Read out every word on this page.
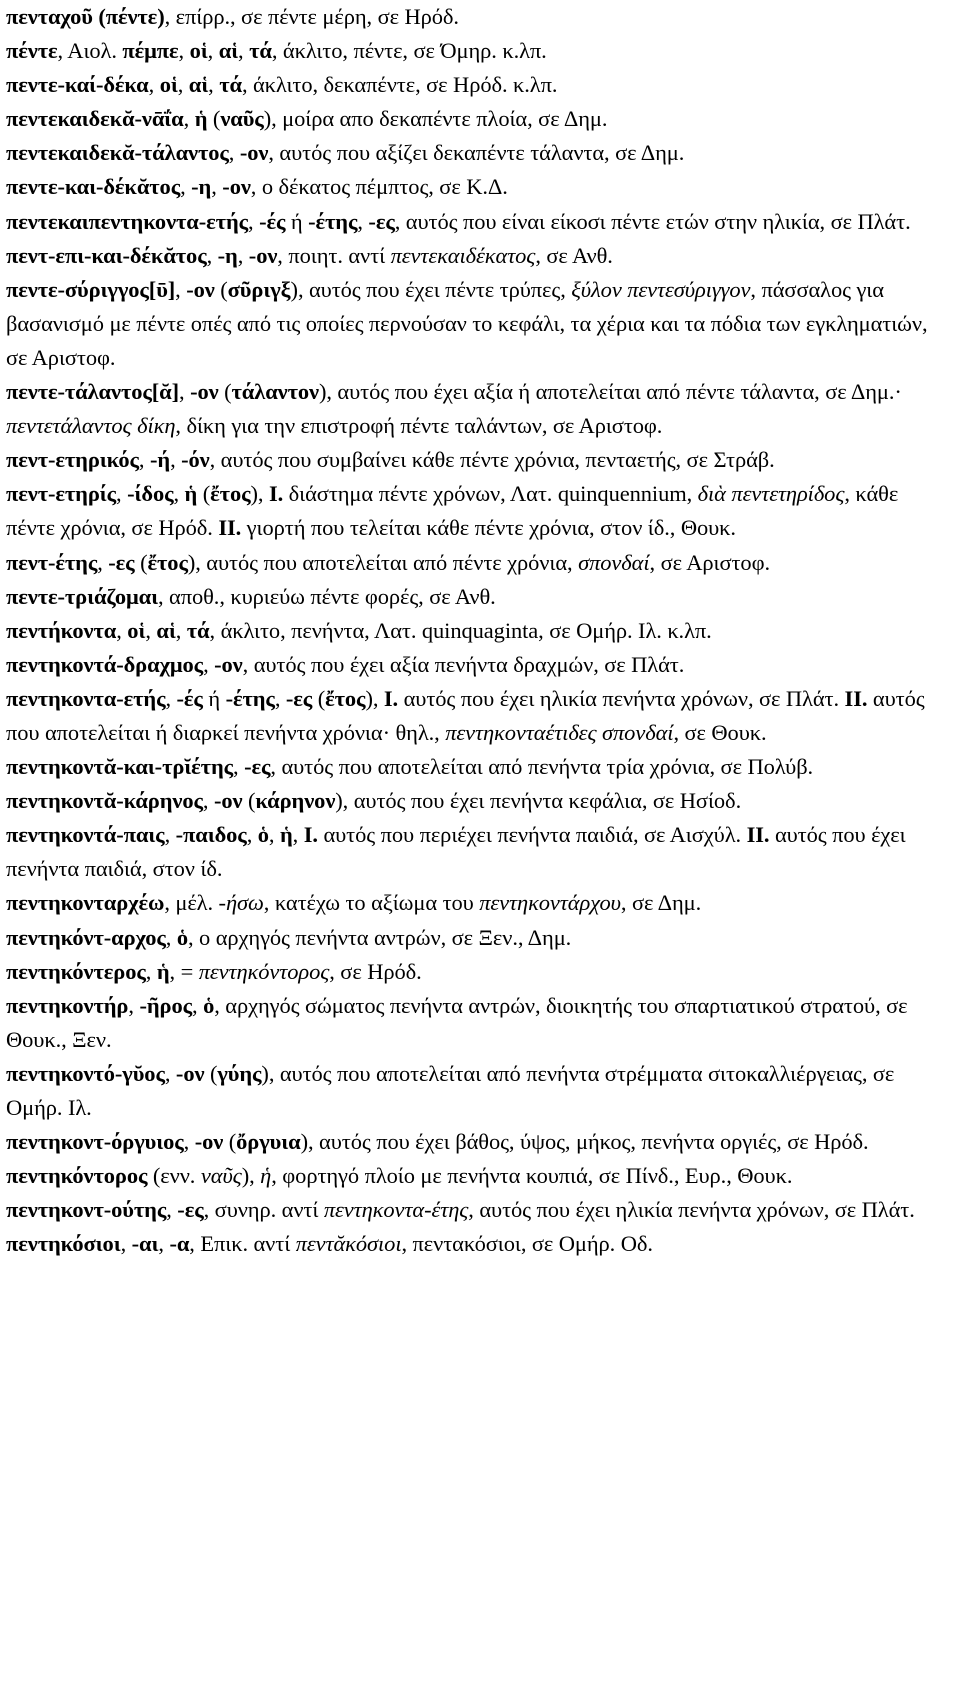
πενταχοῦ (πέντε), επίρρ., σε πέντε μέρη, σε Ηρόδ.

πέντε, Αιολ. πέμπε, οἱ, αἱ, τά, άκλιτο, πέντε, σε Όμηρ. κ.λπ.

πεντε-καί-δέκα, οἱ, αἱ, τά, άκλιτο, δεκαπέντε, σε Ηρόδ. κ.λπ.

πεντεκαιδεκᾰ-νᾱΐα, ἡ (ναῦς), μοίρα απο δεκαπέντε πλοία, σε Δημ.

πεντεκαιδεκᾰ-τάλαντος, -ον, αυτός που αξίζει δεκαπέντε τάλαντα, σε Δημ.

πεντε-και-δέκᾰτος, -η, -ον, ο δέκατος πέμπτος, σε Κ.Δ.

πεντεκαιπεντηκοντα-ετής, -ές ή -έτης, -ες, αυτός που είναι είκοσι πέντε ετών στην ηλικία, σε Πλάτ.

πεντ-επι-και-δέκᾰτος, -η, -ον, ποιητ. αντί πεντεκαιδέκατος, σε Ανθ.

πεντε-σύριγγος[ῡ], -ον (σῦριγξ), αυτός που έχει πέντε τρύπες, ξύλον πεντεσύριγγον, πάσσαλος για βασανισμό με πέντε οπές από τις οποίες περνούσαν το κεφάλι, τα χέρια και τα πόδια των εγκληματιών, σε Αριστοφ.

πεντε-τάλαντος[ᾰ], -ον (τάλαντον), αυτός που έχει αξία ή αποτελείται από πέντε τάλαντα, σε Δημ.· πεντετάλαντος δίκη, δίκη για την επιστροφή πέντε ταλάντων, σε Αριστοφ.

πεντ-ετηρικός, -ή, -όν, αυτός που συμβαίνει κάθε πέντε χρόνια, πενταετής, σε Στράβ.

πεντ-ετηρίς, -ίδος, ἡ (ἔτος), I. διάστημα πέντε χρόνων, Λατ. quinquennium, διὰ πεντετηρίδος, κάθε πέντε χρόνια, σε Ηρόδ. II. γιορτή που τελείται κάθε πέντε χρόνια, στον ίδ., Θουκ.

πεντ-έτης, -ες (ἔτος), αυτός που αποτελείται από πέντε χρόνια, σπονδαί, σε Αριστοφ.

πεντε-τριάζομαι, αποθ., κυριεύω πέντε φορές, σε Ανθ.

πεντήκοντα, οἱ, αἱ, τά, άκλιτο, πενήντα, Λατ. quinquaginta, σε Ομήρ. Ιλ. κ.λπ.

πεντηκοντά-δραχμος, -ον, αυτός που έχει αξία πενήντα δραχμών, σε Πλάτ.

πεντηκοντα-ετής, -ές ή -έτης, -ες (ἔτος), I. αυτός που έχει ηλικία πενήντα χρόνων, σε Πλάτ. II. αυτός που αποτελείται ή διαρκεί πενήντα χρόνια· θηλ., πεντηκονταέτιδες σπονδαί, σε Θουκ.

πεντηκοντᾰ-και-τρῐέτης, -ες, αυτός που αποτελείται από πενήντα τρία χρόνια, σε Πολύβ.

πεντηκοντᾰ-κάρηνος, -ον (κάρηνον), αυτός που έχει πενήντα κεφάλια, σε Ησίοδ.

πεντηκοντά-παις, -παιδος, ὁ, ἡ, I. αυτός που περιέχει πενήντα παιδιά, σε Αισχύλ. II. αυτός που έχει πενήντα παιδιά, στον ίδ.

πεντηκονταρχέω, μέλ. -ήσω, κατέχω το αξίωμα του πεντηκοντάρχου, σε Δημ.

πεντηκόντ-αρχος, ὁ, ο αρχηγός πενήντα αντρών, σε Ξεν., Δημ.

πεντηκόντερος, ἡ, = πεντηκόντορος, σε Ηρόδ.

πεντηκοντήρ, -ῆρος, ὁ, αρχηγός σώματος πενήντα αντρών, διοικητής του σπαρτιατικού στρατού, σε Θουκ., Ξεν.

πεντηκοντό-γῠος, -ον (γύης), αυτός που αποτελείται από πενήντα στρέμματα σιτοκαλλιέργειας, σε Ομήρ. Ιλ.

πεντηκοντ-όργυιος, -ον (ὄργυια), αυτός που έχει βάθος, ύψος, μήκος, πενήντα οργιές, σε Ηρόδ.

πεντηκόντορος (ενν. ναῦς), ἡ, φορτηγό πλοίο με πενήντα κουπιά, σε Πίνδ., Ευρ., Θουκ.

πεντηκοντ-ούτης, -ες, συνηρ. αντί πεντηκοντα-έτης, αυτός που έχει ηλικία πενήντα χρόνων, σε Πλάτ.

πεντηκόσιοι, -αι, -α, Επικ. αντί πεντᾰκόσιοι, πεντακόσιοι, σε Ομήρ. Οδ.
